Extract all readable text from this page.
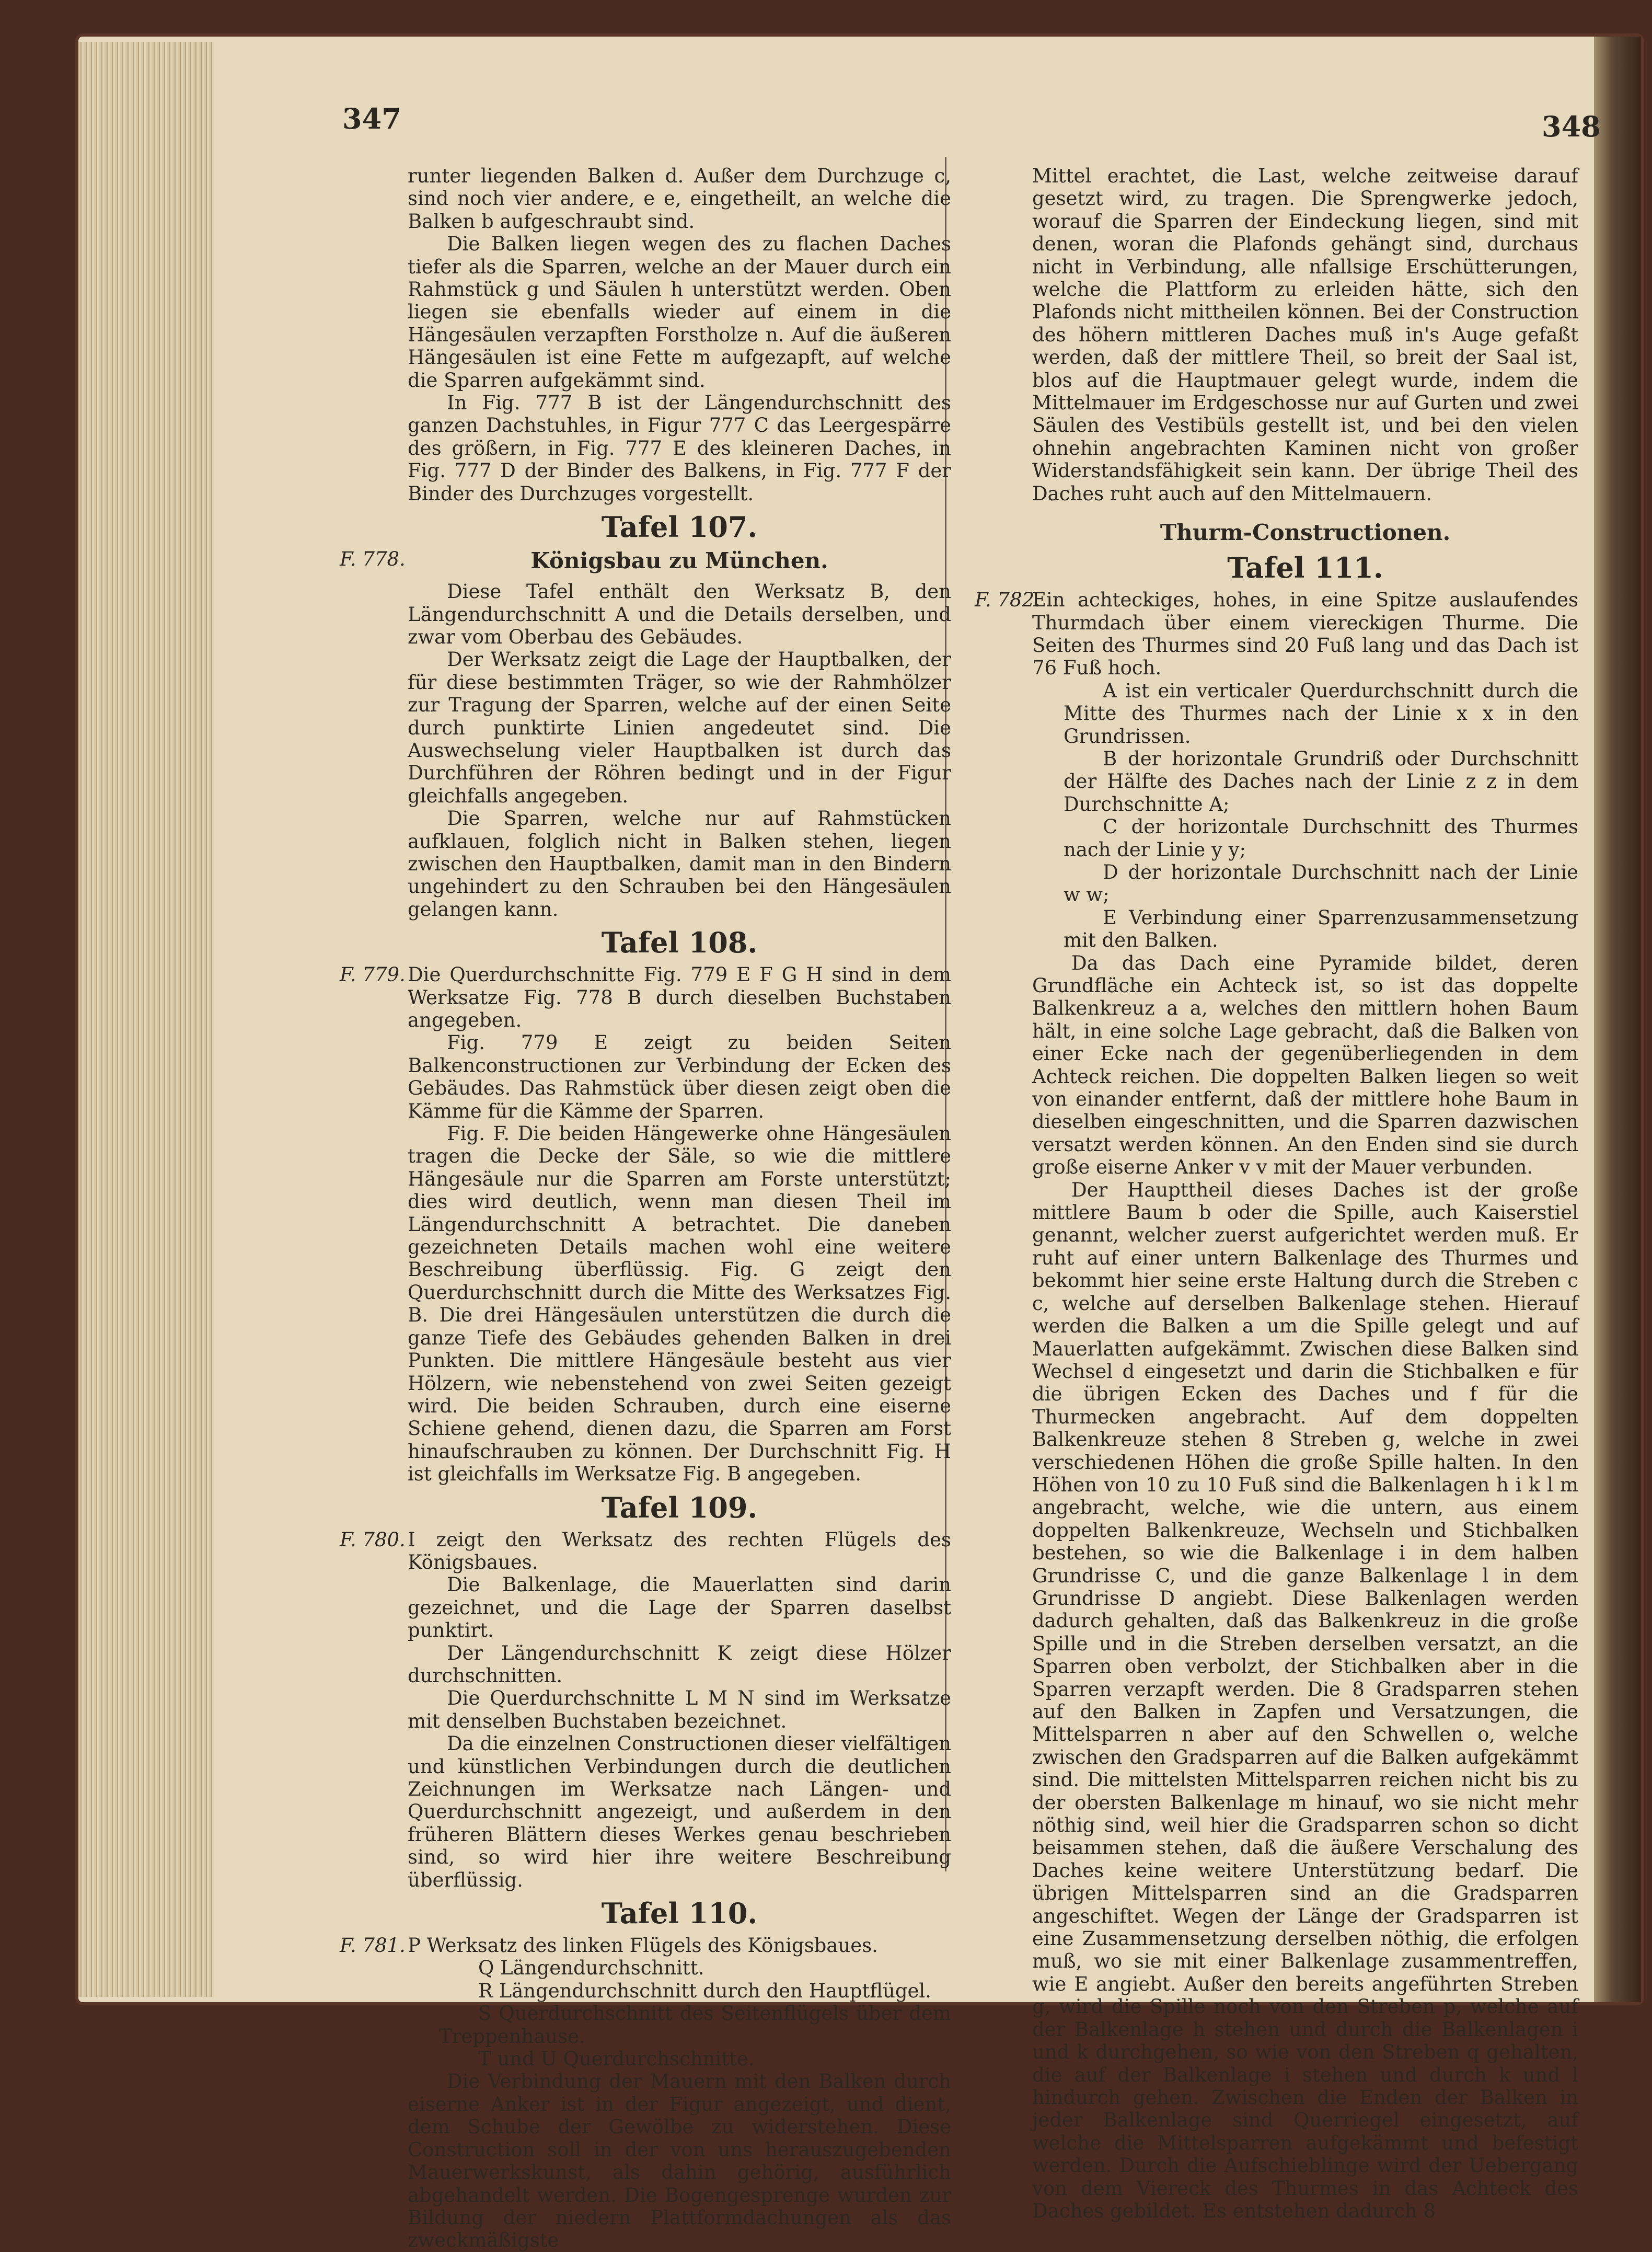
347	348

runter liegenden Balken d. Außer dem Durchzuge c, sind noch vier andere, e e, eingetheilt, an welche die Balken b aufgeschraubt sind.

Die Balken liegen wegen des zu flachen Daches tiefer als die Sparren, welche an der Mauer durch ein Rahmstück g und Säulen h unterstützt werden. Oben liegen sie ebenfalls wieder auf einem in die Hängesäulen verzapften Forstholze n. Auf die äußeren Hängesäulen ist eine Fette m aufgezapft, auf welche die Sparren aufgekämmt sind.

In Fig. 777 B ist der Längendurchschnitt des ganzen Dachstuhles, in Figur 777 C das Leergespärre des größern, in Fig. 777 E des kleineren Daches, in Fig. 777 D der Binder des Balkens, in Fig. 777 F der Binder des Durchzuges vorgestellt.

Tafel 107.
F. 778.	Königsbau zu München.

Diese Tafel enthält den Werksatz B, den Längendurchschnitt A und die Details derselben, und zwar vom Oberbau des Gebäudes.

Der Werksatz zeigt die Lage der Hauptbalken, der für diese bestimmten Träger, so wie der Rahmhölzer zur Tragung der Sparren, welche auf der einen Seite durch punktirte Linien angedeutet sind. Die Auswechselung vieler Hauptbalken ist durch das Durchführen der Röhren bedingt und in der Figur gleichfalls angegeben.

Die Sparren, welche nur auf Rahmstücken aufklauen, folglich nicht in Balken stehen, liegen zwischen den Hauptbalken, damit man in den Bindern ungehindert zu den Schrauben bei den Hängesäulen gelangen kann.

Tafel 108.
F. 779. Die Querdurchschnitte Fig. 779 E F G H sind in dem Werksatze Fig. 778 B durch dieselben Buchstaben angegeben.

Fig. 779 E zeigt zu beiden Seiten Balkenconstructionen zur Verbindung der Ecken des Gebäudes. Das Rahmstück über diesen zeigt oben die Kämme für die Kämme der Sparren.

Fig. F. Die beiden Hängewerke ohne Hängesäulen tragen die Decke der Säle, so wie die mittlere Hängesäule nur die Sparren am Forste unterstützt; dies wird deutlich, wenn man diesen Theil im Längendurchschnitt A betrachtet. Die daneben gezeichneten Details machen wohl eine weitere Beschreibung überflüssig. Fig. G zeigt den Querdurchschnitt durch die Mitte des Werksatzes Fig. B. Die drei Hängesäulen unterstützen die durch die ganze Tiefe des Gebäudes gehenden Balken in drei Punkten. Die mittlere Hängesäule besteht aus vier Hölzern, wie nebenstehend von zwei Seiten gezeigt wird. Die beiden Schrauben, durch eine eiserne Schiene gehend, dienen dazu, die Sparren am Forst hinaufschrauben zu können. Der Durchschnitt Fig. H ist gleichfalls im Werksatze Fig. B angegeben.

Tafel 109.
F. 780. I zeigt den Werksatz des rechten Flügels des Königsbaues.

Die Balkenlage, die Mauerlatten sind darin gezeichnet, und die Lage der Sparren daselbst punktirt.

Der Längendurchschnitt K zeigt diese Hölzer durchschnitten.

Die Querdurchschnitte L M N sind im Werksatze mit denselben Buchstaben bezeichnet.

Da die einzelnen Constructionen dieser vielfältigen und künstlichen Verbindungen durch die deutlichen Zeichnungen im Werksatze nach Längen- und Querdurchschnitt angezeigt, und außerdem in den früheren Blättern dieses Werkes genau beschrieben sind, so wird hier ihre weitere Beschreibung überflüssig.

Tafel 110.
F. 781. P Werksatz des linken Flügels des Königsbaues.

Q Längendurchschnitt.

R Längendurchschnitt durch den Hauptflügel.

S Querdurchschnitt des Seitenflügels über dem Treppenhause.

T und U Querdurchschnitte.

Die Verbindung der Mauern mit den Balken durch eiserne Anker ist in der Figur angezeigt, und dient, dem Schube der Gewölbe zu widerstehen. Diese Construction soll in der von uns herauszugebenden Mauerwerkskunst, als dahin gehörig, ausführlich abgehandelt werden. Die Bogengesprenge wurden zur Bildung der niedern Plattformdachungen als das zweckmäßigste

Mittel erachtet, die Last, welche zeitweise darauf gesetzt wird, zu tragen. Die Sprengwerke jedoch, worauf die Sparren der Eindeckung liegen, sind mit denen, woran die Plafonds gehängt sind, durchaus nicht in Verbindung, alle nfallsige Erschütterungen, welche die Plattform zu erleiden hätte, sich den Plafonds nicht mittheilen können. Bei der Construction des höhern mittleren Daches muß in's Auge gefaßt werden, daß der mittlere Theil, so breit der Saal ist, blos auf die Hauptmauer gelegt wurde, indem die Mittelmauer im Erdgeschosse nur auf Gurten und zwei Säulen des Vestibüls gestellt ist, und bei den vielen ohnehin angebrachten Kaminen nicht von großer Widerstandsfähigkeit sein kann. Der übrige Theil des Daches ruht auch auf den Mittelmauern.

Thurm-Constructionen.
Tafel 111.
F. 782.

Ein achteckiges, hohes, in eine Spitze auslaufendes Thurmdach über einem viereckigen Thurme. Die Seiten des Thurmes sind 20 Fuß lang und das Dach ist 76 Fuß hoch.

A ist ein verticaler Querdurchschnitt durch die Mitte des Thurmes nach der Linie x x in den Grundrissen.

B der horizontale Grundriß oder Durchschnitt der Hälfte des Daches nach der Linie z z in dem Durchschnitte A;

C der horizontale Durchschnitt des Thurmes nach der Linie y y;

D der horizontale Durchschnitt nach der Linie w w;

E Verbindung einer Sparrenzusammensetzung mit den Balken.

Da das Dach eine Pyramide bildet, deren Grundfläche ein Achteck ist, so ist das doppelte Balkenkreuz a a, welches den mittlern hohen Baum hält, in eine solche Lage gebracht, daß die Balken von einer Ecke nach der gegenüberliegenden in dem Achteck reichen. Die doppelten Balken liegen so weit von einander entfernt, daß der mittlere hohe Baum in dieselben eingeschnitten, und die Sparren dazwischen versatzt werden können. An den Enden sind sie durch große eiserne Anker v v mit der Mauer verbunden.

Der Haupttheil dieses Daches ist der große mittlere Baum b oder die Spille, auch Kaiserstiel genannt, welcher zuerst aufgerichtet werden muß. Er ruht auf einer untern Balkenlage des Thurmes und bekommt hier seine erste Haltung durch die Streben c c, welche auf derselben Balkenlage stehen. Hierauf werden die Balken a um die Spille gelegt und auf Mauerlatten aufgekämmt. Zwischen diese Balken sind Wechsel d eingesetzt und darin die Stichbalken e für die übrigen Ecken des Daches und f für die Thurmecken angebracht. Auf dem doppelten Balkenkreuze stehen 8 Streben g, welche in zwei verschiedenen Höhen die große Spille halten. In den Höhen von 10 zu 10 Fuß sind die Balkenlagen h i k l m angebracht, welche, wie die untern, aus einem doppelten Balkenkreuze, Wechseln und Stichbalken bestehen, so wie die Balkenlage i in dem halben Grundrisse C, und die ganze Balkenlage l in dem Grundrisse D angiebt. Diese Balkenlagen werden dadurch gehalten, daß das Balkenkreuz in die große Spille und in die Streben derselben versatzt, an die Sparren oben verbolzt, der Stichbalken aber in die Sparren verzapft werden. Die 8 Gradsparren stehen auf den Balken in Zapfen und Versatzungen, die Mittelsparren n aber auf den Schwellen o, welche zwischen den Gradsparren auf die Balken aufgekämmt sind. Die mittelsten Mittelsparren reichen nicht bis zu der obersten Balkenlage m hinauf, wo sie nicht mehr nöthig sind, weil hier die Gradsparren schon so dicht beisammen stehen, daß die äußere Verschalung des Daches keine weitere Unterstützung bedarf. Die übrigen Mittelsparren sind an die Gradsparren angeschiftet. Wegen der Länge der Gradsparren ist eine Zusammensetzung derselben nöthig, die erfolgen muß, wo sie mit einer Balkenlage zusammentreffen, wie E angiebt. Außer den bereits angeführten Streben g, wird die Spille noch von den Streben p, welche auf der Balkenlage h stehen und durch die Balkenlagen i und k durchgehen, so wie von den Streben q gehalten, die auf der Balkenlage i stehen und durch k und l hindurch gehen. Zwischen die Enden der Balken in jeder Balkenlage sind Querriegel eingesetzt, auf welche die Mittelsparren aufgekämmt und befestigt werden. Durch die Aufschieblinge wird der Uebergang von dem Viereck des Thurmes in das Achteck des Daches gebildet. Es entstehen dadurch 8
